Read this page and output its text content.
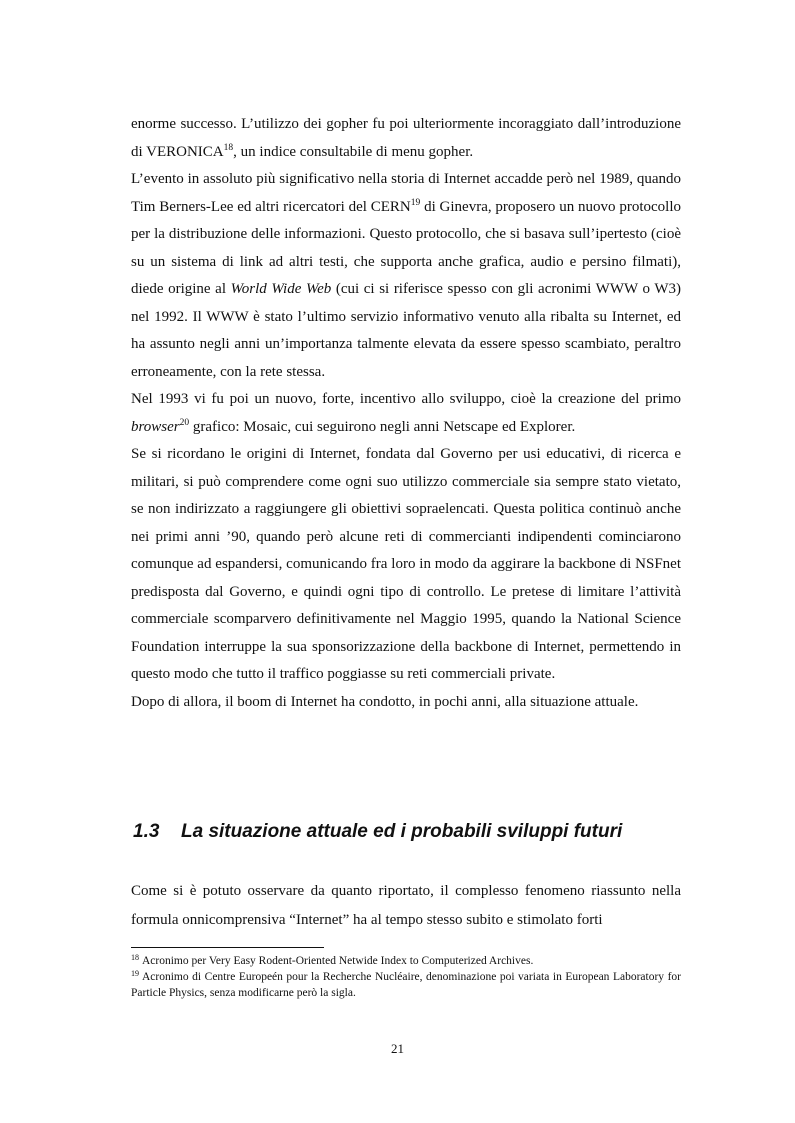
enorme successo. L’utilizzo dei gopher fu poi ulteriormente incoraggiato dall’introduzione di VERONICA$^{18}$, un indice consultabile di menu gopher.

L’evento in assoluto più significativo nella storia di Internet accadde però nel 1989, quando Tim Berners-Lee ed altri ricercatori del CERN$^{19}$ di Ginevra, proposero un nuovo protocollo per la distribuzione delle informazioni. Questo protocollo, che si basava sull’ipertesto (cioè su un sistema di link ad altri testi, che supporta anche grafica, audio e persino filmati), diede origine al World Wide Web (cui ci si riferisce spesso con gli acronimi WWW o W3) nel 1992. Il WWW è stato l’ultimo servizio informativo venuto alla ribalta su Internet, ed ha assunto negli anni un’importanza talmente elevata da essere spesso scambiato, peraltro erroneamente, con la rete stessa.

Nel 1993 vi fu poi un nuovo, forte, incentivo allo sviluppo, cioè la creazione del primo browser$^{20}$ grafico: Mosaic, cui seguirono negli anni Netscape ed Explorer.

Se si ricordano le origini di Internet, fondata dal Governo per usi educativi, di ricerca e militari, si può comprendere come ogni suo utilizzo commerciale sia sempre stato vietato, se non indirizzato a raggiungere gli obiettivi sopraelencati. Questa politica continuò anche nei primi anni ’90, quando però alcune reti di commercianti indipendenti cominciarono comunque ad espandersi, comunicando fra loro in modo da aggirare la backbone di NSFnet predisposta dal Governo, e quindi ogni tipo di controllo. Le pretese di limitare l’attività commerciale scomparvero definitivamente nel Maggio 1995, quando la National Science Foundation interruppe la sua sponsorizzazione della backbone di Internet, permettendo in questo modo che tutto il traffico poggiasse su reti commerciali private.

Dopo di allora, il boom di Internet ha condotto, in pochi anni, alla situazione attuale.

1.3 La situazione attuale ed i probabili sviluppi futuri

Come si è potuto osservare da quanto riportato, il complesso fenomeno riassunto nella formula onnicomprensiva “Internet” ha al tempo stesso subito e stimolato forti

$^{18}$ Acronimo per Very Easy Rodent-Oriented Netwide Index to Computerized Archives.

$^{19}$ Acronimo di Centre Europeén pour la Recherche Nucléaire, denominazione poi variata in European Laboratory for Particle Physics, senza modificarne però la sigla.

21
